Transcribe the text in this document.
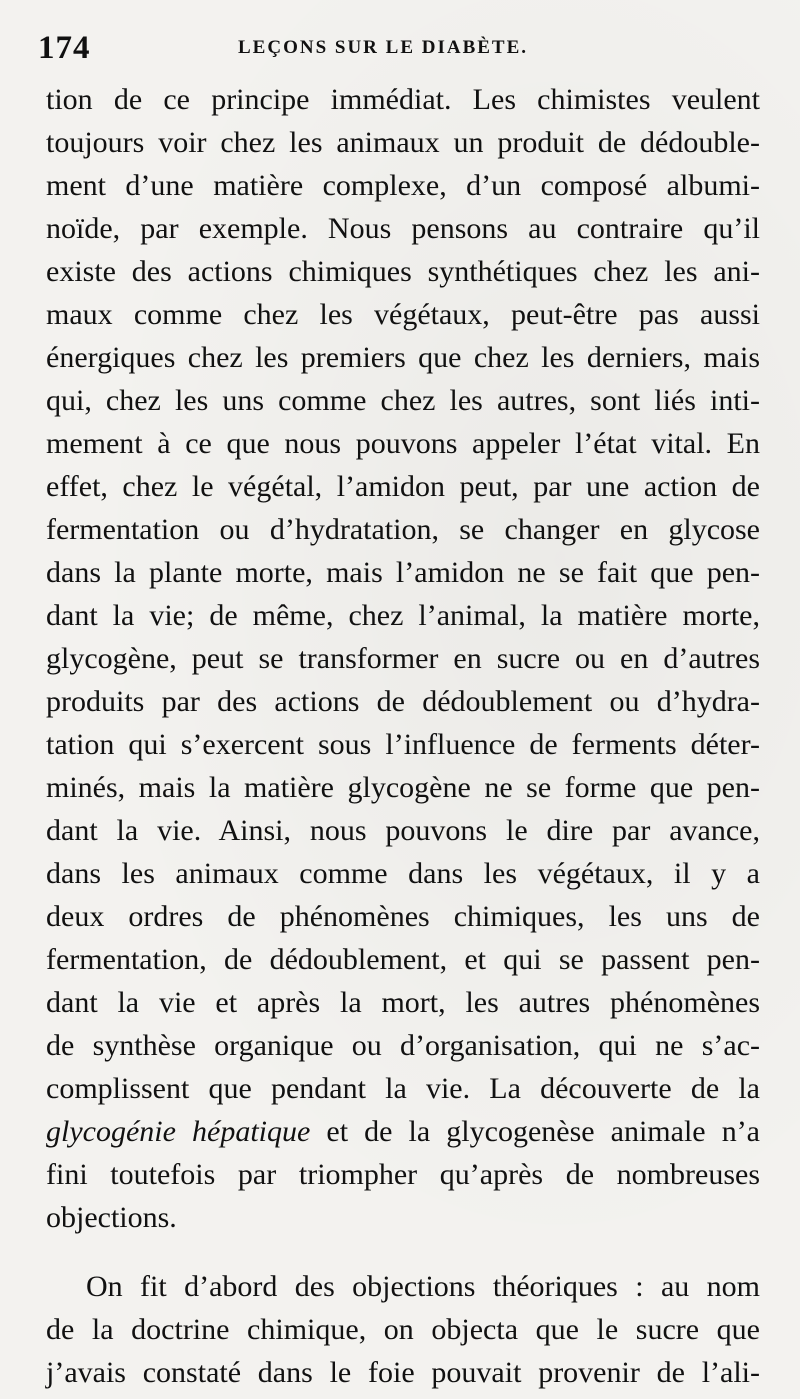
174	LEÇONS SUR LE DIABÈTE.
tion de ce principe immédiat. Les chimistes veulent
toujours voir chez les animaux un produit de dédouble-
ment d’une matière complexe, d’un composé albumi-
noïde, par exemple. Nous pensons au contraire qu’il
existe des actions chimiques synthétiques chez les ani-
maux comme chez les végétaux, peut-être pas aussi
énergiques chez les premiers que chez les derniers, mais
qui, chez les uns comme chez les autres, sont liés inti-
mement à ce que nous pouvons appeler l’état vital. En
effet, chez le végétal, l’amidon peut, par une action de
fermentation ou d’hydratation, se changer en glycose
dans la plante morte, mais l’amidon ne se fait que pen-
dant la vie; de même, chez l’animal, la matière morte,
glycogène, peut se transformer en sucre ou en d’autres
produits par des actions de dédoublement ou d’hydra-
tation qui s’exercent sous l’influence de ferments déter-
minés, mais la matière glycogène ne se forme que pen-
dant la vie. Ainsi, nous pouvons le dire par avance,
dans les animaux comme dans les végétaux, il y a
deux ordres de phénomènes chimiques, les uns de
fermentation, de dédoublement, et qui se passent pen-
dant la vie et après la mort, les autres phénomènes
de synthèse organique ou d’organisation, qui ne s’ac-
complissent que pendant la vie. La découverte de la
glycogénie hépatique et de la glycogenèse animale n’a
fini toutefois par triompher qu’après de nombreuses
objections.
On fit d’abord des objections théoriques : au nom
de la doctrine chimique, on objecta que le sucre que
j’avais constaté dans le foie pouvait provenir de l’ali-
